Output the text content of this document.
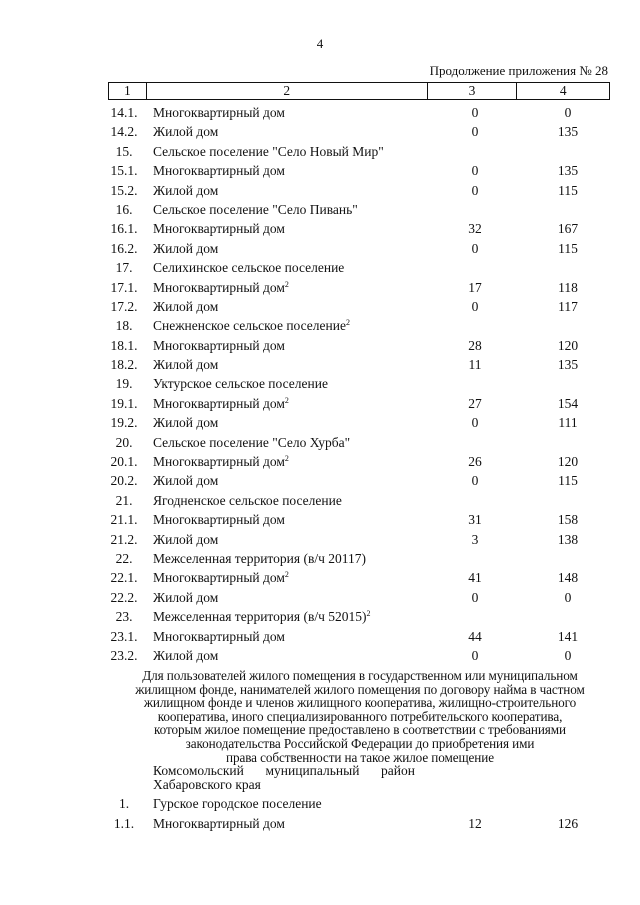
4
Продолжение приложения № 28
1	2	3	4
14.1.	Многоквартирный дом	0	0
14.2.	Жилой дом	0	135
15.	Сельское поселение "Село Новый Мир"
15.1.	Многоквартирный дом	0	135
15.2.	Жилой дом	0	115
16.	Сельское поселение "Село Пивань"
16.1.	Многоквартирный дом	32	167
16.2.	Жилой дом	0	115
17.	Селихинское сельское поселение
17.1.	Многоквартирный дом$^2$	17	118
17.2.	Жилой дом	0	117
18.	Снежненское сельское поселение$^2$
18.1.	Многоквартирный дом	28	120
18.2.	Жилой дом	11	135
19.	Уктурское сельское поселение
19.1.	Многоквартирный дом$^2$	27	154
19.2.	Жилой дом	0	111
20.	Сельское поселение "Село Хурба"
20.1.	Многоквартирный дом$^2$	26	120
20.2.	Жилой дом	0	115
21.	Ягодненское сельское поселение
21.1.	Многоквартирный дом	31	158
21.2.	Жилой дом	3	138
22.	Межселенная территория (в/ч 20117)
22.1.	Многоквартирный дом$^2$	41	148
22.2.	Жилой дом	0	0
23.	Межселенная территория (в/ч 52015)$^2$
23.1.	Многоквартирный дом	44	141
23.2.	Жилой дом	0	0
Для пользователей жилого помещения в государственном или муниципальном
жилищном фонде, нанимателей жилого помещения по договору найма в частном
жилищном фонде и членов жилищного кооператива, жилищно-строительного
кооператива, иного специализированного потребительского кооператива,
которым жилое помещение предоставлено в соответствии с требованиями
законодательства Российской Федерации до приобретения ими
права собственности на такое жилое помещение
Комсомольский муниципальный район
Хабаровского края
1.	Гурское городское поселение
1.1.	Многоквартирный дом	12	126
